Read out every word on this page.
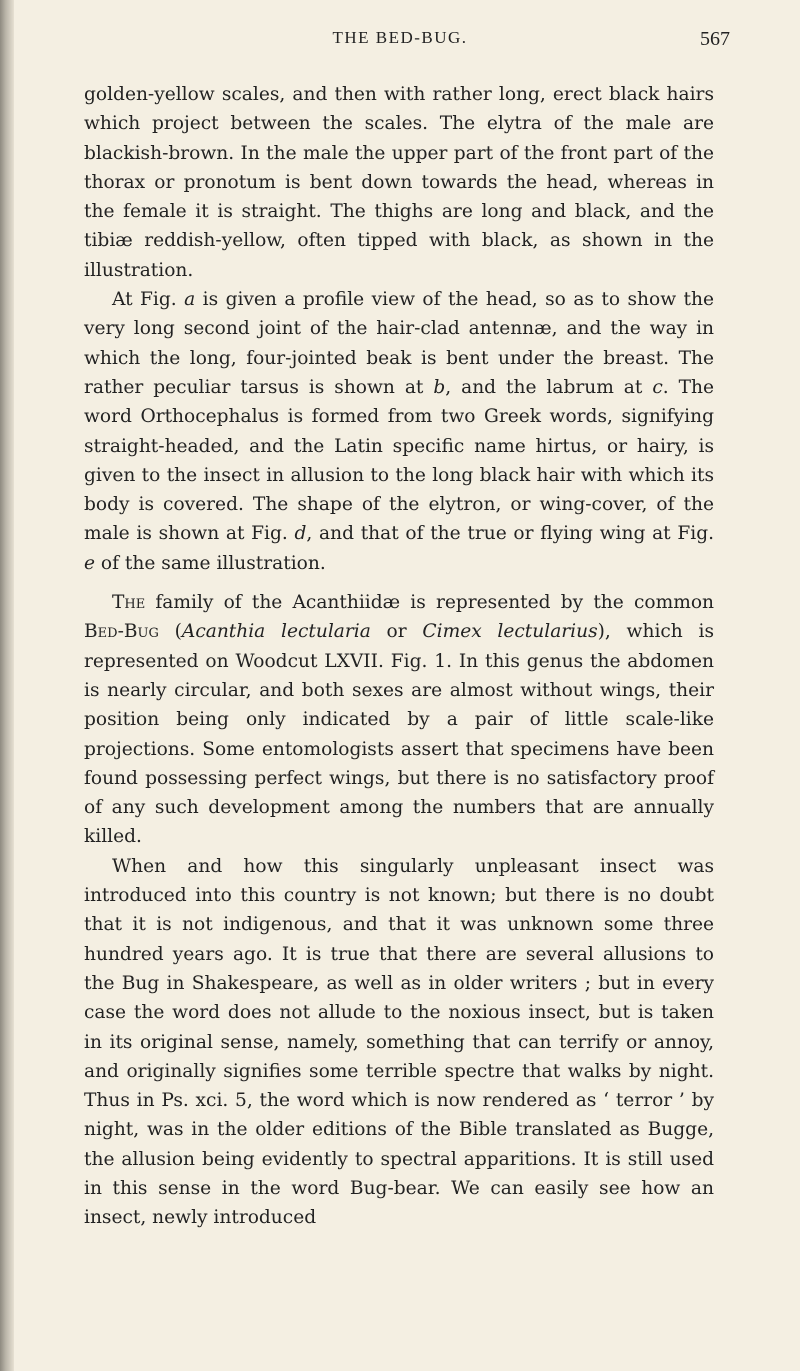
THE BED-BUG.	567

golden-yellow scales, and then with rather long, erect black hairs which project between the scales. The elytra of the male are blackish-brown. In the male the upper part of the front part of the thorax or pronotum is bent down towards the head, whereas in the female it is straight. The thighs are long and black, and the tibiæ reddish-yellow, often tipped with black, as shown in the illustration.

At Fig. a is given a profile view of the head, so as to show the very long second joint of the hair-clad antennæ, and the way in which the long, four-jointed beak is bent under the breast. The rather peculiar tarsus is shown at b, and the labrum at c. The word Orthocephalus is formed from two Greek words, signifying straight-headed, and the Latin specific name hirtus, or hairy, is given to the insect in allusion to the long black hair with which its body is covered. The shape of the elytron, or wing-cover, of the male is shown at Fig. d, and that of the true or flying wing at Fig. e of the same illustration.

The family of the Acanthiidæ is represented by the common Bed-Bug (Acanthia lectularia or Cimex lectularius), which is represented on Woodcut LXVII. Fig. 1. In this genus the abdomen is nearly circular, and both sexes are almost without wings, their position being only indicated by a pair of little scale-like projections. Some entomologists assert that specimens have been found possessing perfect wings, but there is no satisfactory proof of any such development among the numbers that are annually killed.

When and how this singularly unpleasant insect was introduced into this country is not known; but there is no doubt that it is not indigenous, and that it was unknown some three hundred years ago. It is true that there are several allusions to the Bug in Shakespeare, as well as in older writers ; but in every case the word does not allude to the noxious insect, but is taken in its original sense, namely, something that can terrify or annoy, and originally signifies some terrible spectre that walks by night. Thus in Ps. xci. 5, the word which is now rendered as ‘ terror ’ by night, was in the older editions of the Bible translated as Bugge, the allusion being evidently to spectral apparitions. It is still used in this sense in the word Bug-bear. We can easily see how an insect, newly introduced
